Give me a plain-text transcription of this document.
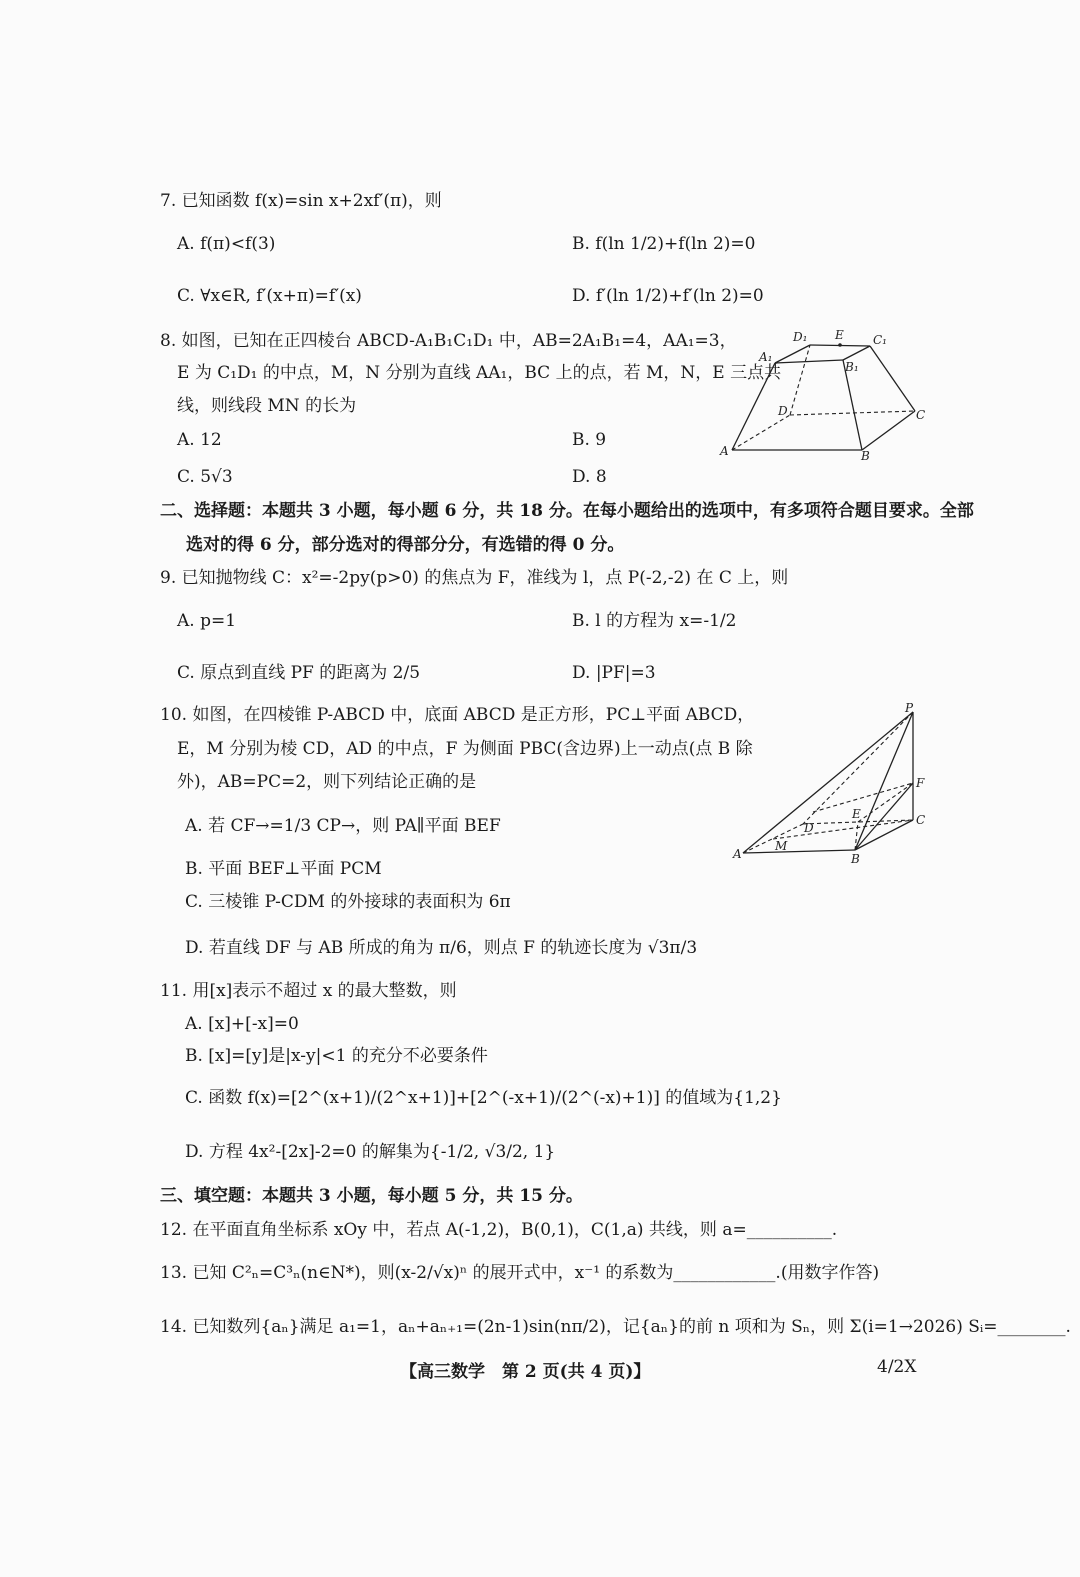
7. 已知函数 f(x)=sin x+2xf′(π)，则
A. f(π)<f(3)	B. f(ln 1/2)+f(ln 2)=0
C. ∀x∈R, f′(x+π)=f′(x)	D. f′(ln 1/2)+f′(ln 2)=0
8. 如图，已知在正四棱台 ABCD-A₁B₁C₁D₁ 中，AB=2A₁B₁=4，AA₁=3，
E 为 C₁D₁ 的中点，M，N 分别为直线 AA₁，BC 上的点，若 M，N，E 三点共
线，则线段 MN 的长为
A. 12	B. 9
C. 5√3	D. 8
D₁ E C₁
A₁
B₁
D	C
A	B
二、选择题：本题共 3 小题，每小题 6 分，共 18 分。在每小题给出的选项中，有多项符合题目要求。全部
选对的得 6 分，部分选对的得部分分，有选错的得 0 分。
9. 已知抛物线 C：x²=-2py(p>0) 的焦点为 F，准线为 l，点 P(-2,-2) 在 C 上，则
A. p=1	B. l 的方程为 x=-1/2
C. 原点到直线 PF 的距离为 2/5	D. |PF|=3
10. 如图，在四棱锥 P-ABCD 中，底面 ABCD 是正方形，PC⊥平面 ABCD，
E，M 分别为棱 CD，AD 的中点，F 为侧面 PBC(含边界)上一动点(点 B 除
外)，AB=PC=2，则下列结论正确的是
A. 若 CF→=1/3 CP→，则 PA∥平面 BEF
B. 平面 BEF⊥平面 PCM
C. 三棱锥 P-CDM 的外接球的表面积为 6π
D. 若直线 DF 与 AB 所成的角为 π/6，则点 F 的轨迹长度为 √3π/3
P
F
E	C
D
M
A	B
11. 用[x]表示不超过 x 的最大整数，则
A. [x]+[-x]=0
B. [x]=[y]是|x-y|<1 的充分不必要条件
C. 函数 f(x)=[2^(x+1)/(2^x+1)]+[2^(-x+1)/(2^(-x)+1)] 的值域为{1,2}
D. 方程 4x²-[2x]-2=0 的解集为{-1/2, √3/2, 1}
三、填空题：本题共 3 小题，每小题 5 分，共 15 分。
12. 在平面直角坐标系 xOy 中，若点 A(-1,2)，B(0,1)，C(1,a) 共线，则 a=__________.
13. 已知 C²ₙ=C³ₙ(n∈N*)，则(x-2/√x)ⁿ 的展开式中，x⁻¹ 的系数为____________.(用数字作答)
14. 已知数列{aₙ}满足 a₁=1，aₙ+aₙ₊₁=(2n-1)sin(nπ/2)，记{aₙ}的前 n 项和为 Sₙ，则 Σ(i=1→2026) Sᵢ=________.
【高三数学　第 2 页(共 4 页)】	4/2X
